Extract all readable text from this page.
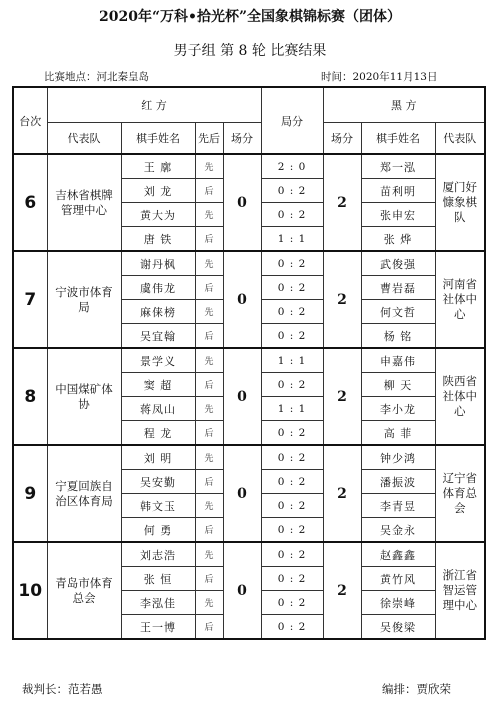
2020年“万科•拾光杯”全国象棋锦标赛（团体）
男子组 第 8 轮 比赛结果
比赛地点：河北秦皇岛	时间：2020年11月13日
台次	红 方				局分	黑 方		
	代表队	棋手姓名	先后	场分		场分	棋手姓名	代表队
6	吉林省棋牌管理中心	王 廓	先	0	2 : 0	2	郑一泓	厦门好慷象棋队
		刘 龙	后		0 : 2		苗利明	
		黄大为	先		0 : 2		张申宏	
		唐 铁	后		1 : 1		张 烨	
7	宁波市体育局	谢丹枫	先	0	0 : 2	2	武俊强	河南省社体中心
		虞伟龙	后		0 : 2		曹岩磊	
		麻俫榜	先		0 : 2		何文哲	
		吴宜翰	后		0 : 2		杨 铭	
8	中国煤矿体协	景学义	先	0	1 : 1	2	申嘉伟	陕西省社体中心
		窦 超	后		0 : 2		柳 天	
		蒋凤山	先		1 : 1		李小龙	
		程 龙	后		0 : 2		高 菲	
9	宁夏回族自治区体育局	刘 明	先	0	0 : 2	2	钟少鸿	辽宁省体育总会
		吴安勤	后		0 : 2		潘振波	
		韩文玉	先		0 : 2		李青昱	
		何 勇	后		0 : 2		吴金永	
10	青岛市体育总会	刘志浩	先	0	0 : 2	2	赵鑫鑫	浙江省智运管理中心
		张 恒	后		0 : 2		黄竹风	
		李泓佳	先		0 : 2		徐崇峰	
		王一博	后		0 : 2		吴俊梁	
裁判长：范若愚	编排：贾欣荣
